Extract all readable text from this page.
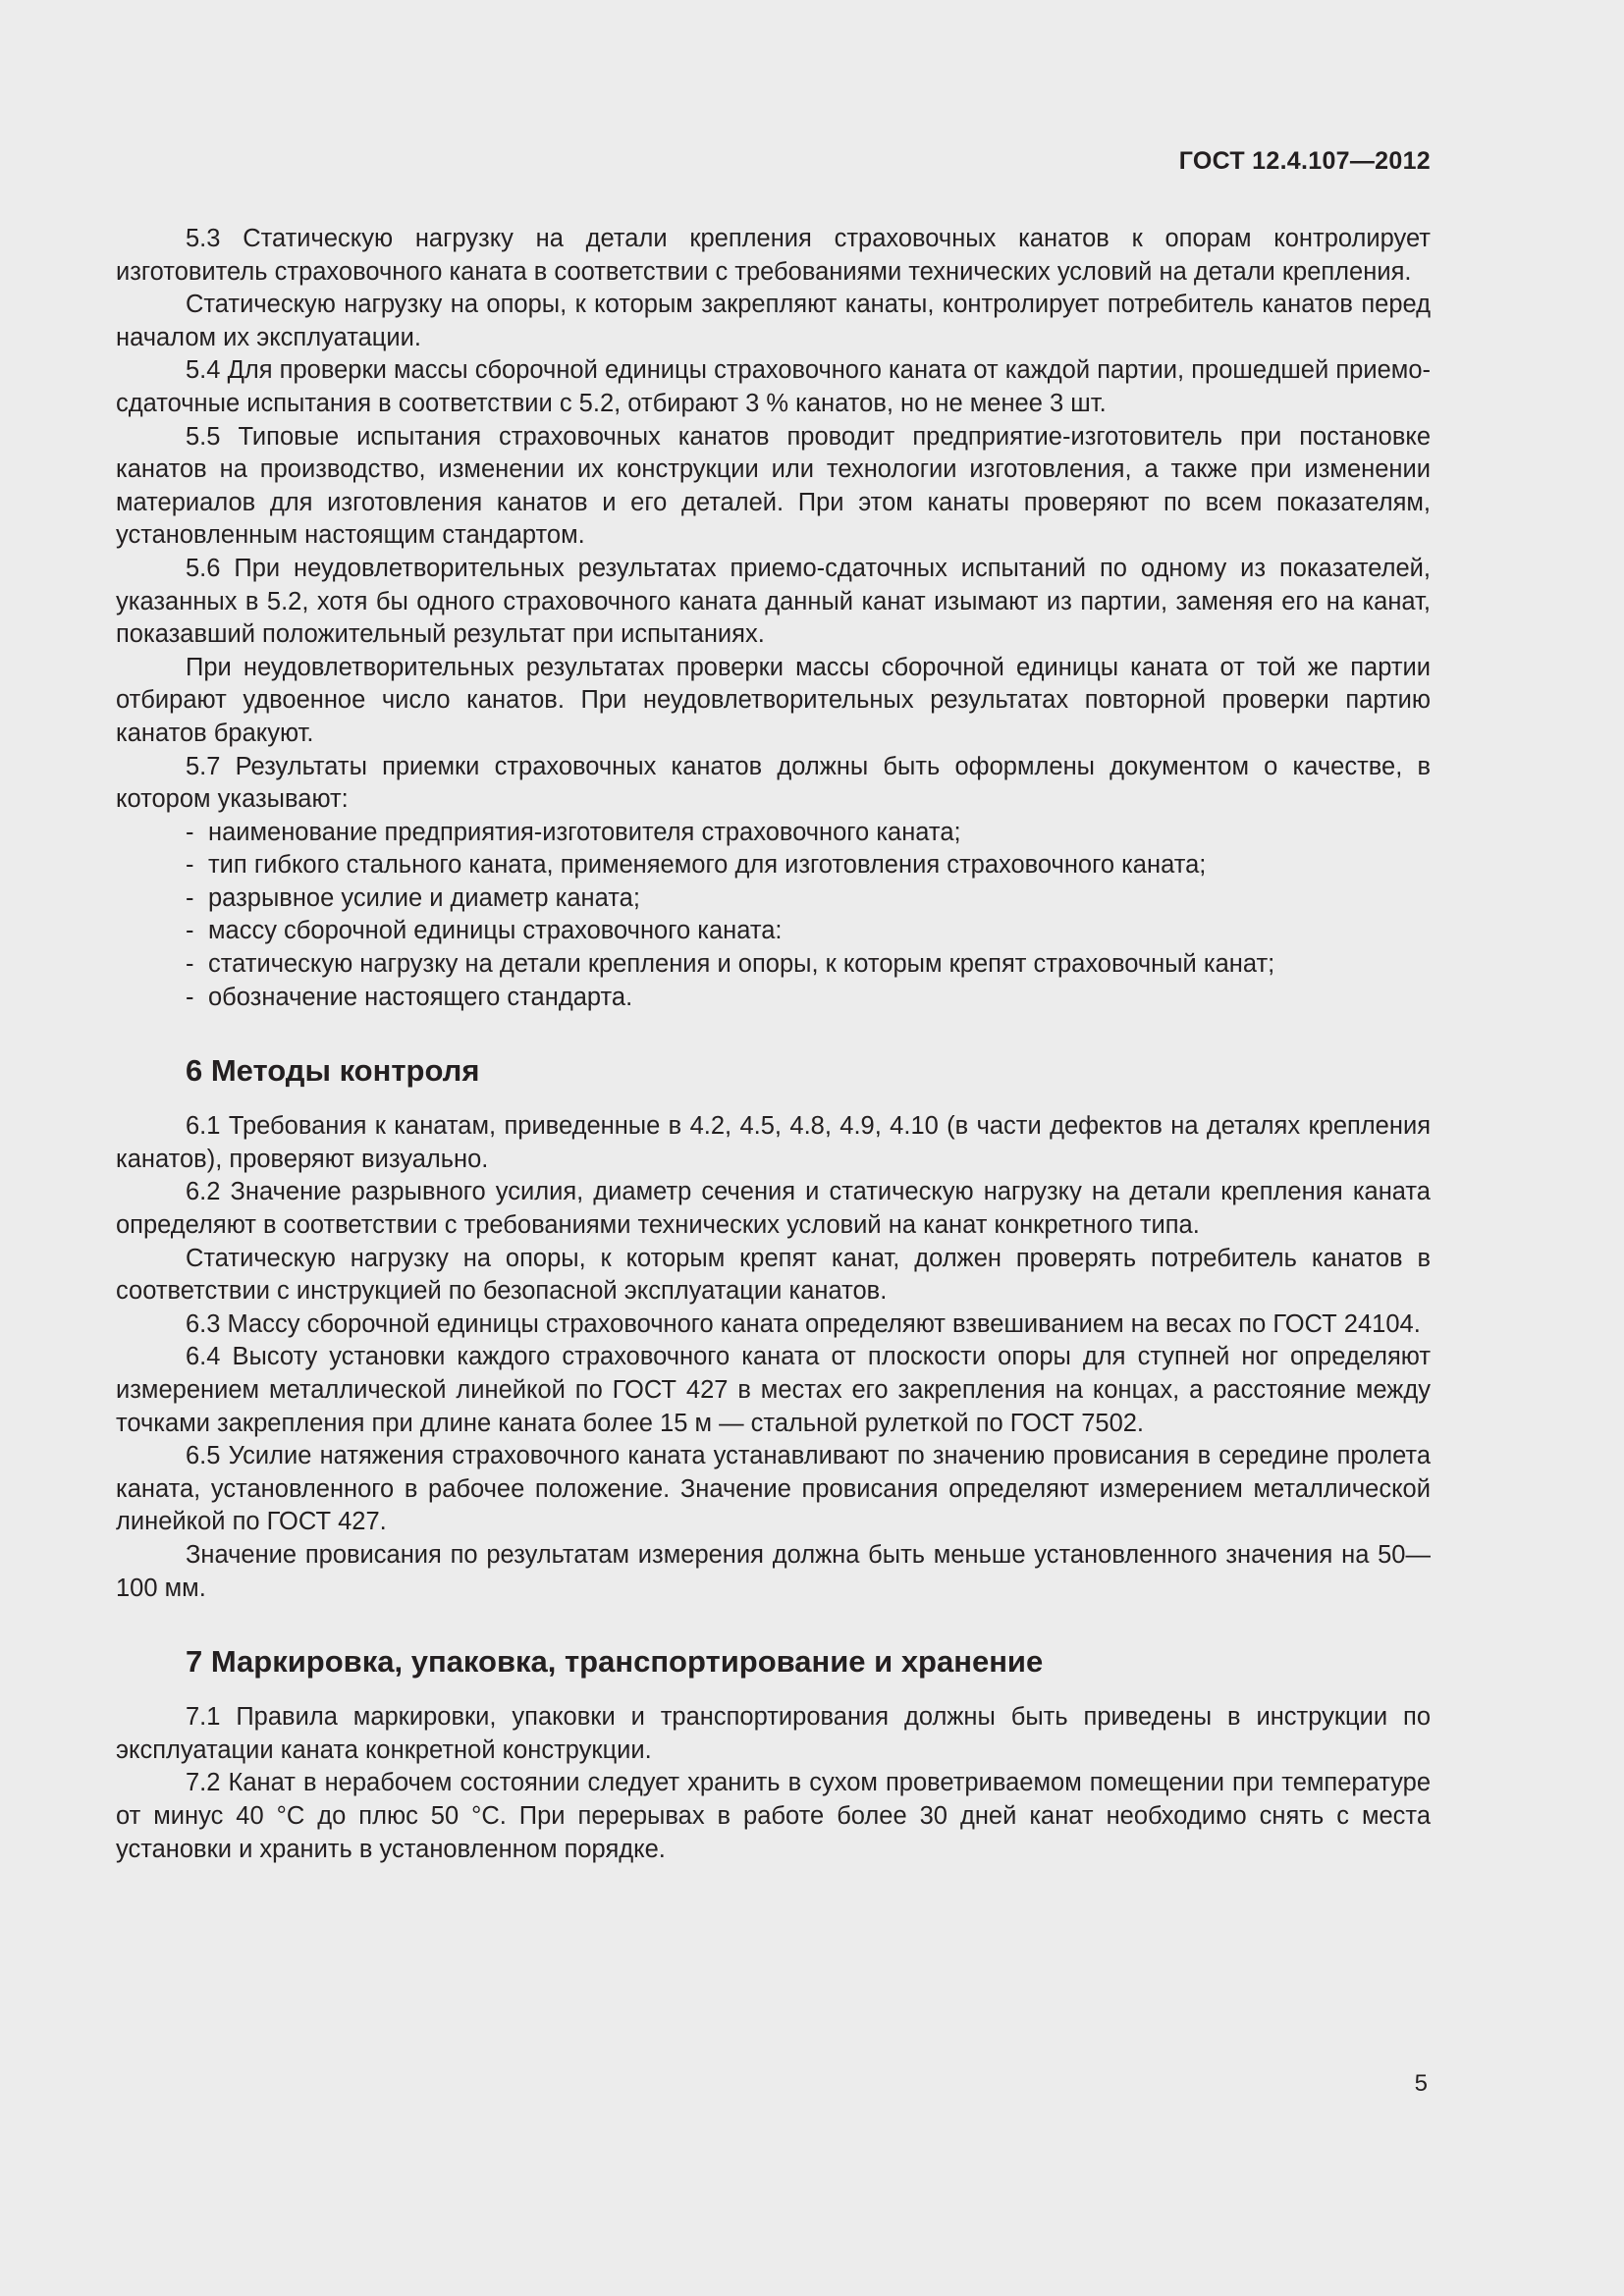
ГОСТ 12.4.107—2012

5.3 Статическую нагрузку на детали крепления страховочных канатов к опорам контролирует изготовитель страховочного каната в соответствии с требованиями технических условий на детали крепления.

Статическую нагрузку на опоры, к которым закрепляют канаты, контролирует потребитель канатов перед началом их эксплуатации.

5.4 Для проверки массы сборочной единицы страховочного каната от каждой партии, прошедшей приемо-сдаточные испытания в соответствии с 5.2, отбирают 3 % канатов, но не менее 3 шт.

5.5 Типовые испытания страховочных канатов проводит предприятие-изготовитель при постановке канатов на производство, изменении их конструкции или технологии изготовления, а также при изменении материалов для изготовления канатов и его деталей. При этом канаты проверяют по всем показателям, установленным настоящим стандартом.

5.6 При неудовлетворительных результатах приемо-сдаточных испытаний по одному из показателей, указанных в 5.2, хотя бы одного страховочного каната данный канат изымают из партии, заменяя его на канат, показавший положительный результат при испытаниях.

При неудовлетворительных результатах проверки массы сборочной единицы каната от той же партии отбирают удвоенное число канатов. При неудовлетворительных результатах повторной проверки партию канатов бракуют.

5.7 Результаты приемки страховочных канатов должны быть оформлены документом о качестве, в котором указывают:

- наименование предприятия-изготовителя страховочного каната;
- тип гибкого стального каната, применяемого для изготовления страховочного каната;
- разрывное усилие и диаметр каната;
- массу сборочной единицы страховочного каната:
- статическую нагрузку на детали крепления и опоры, к которым крепят страховочный канат;
- обозначение настоящего стандарта.
6 Методы контроля

6.1 Требования к канатам, приведенные в 4.2, 4.5, 4.8, 4.9, 4.10 (в части дефектов на деталях крепления канатов), проверяют визуально.

6.2 Значение разрывного усилия, диаметр сечения и статическую нагрузку на детали крепления каната определяют в соответствии с требованиями технических условий на канат конкретного типа.

Статическую нагрузку на опоры, к которым крепят канат, должен проверять потребитель канатов в соответствии с инструкцией по безопасной эксплуатации канатов.

6.3 Массу сборочной единицы страховочного каната определяют взвешиванием на весах по ГОСТ 24104.

6.4 Высоту установки каждого страховочного каната от плоскости опоры для ступней ног определяют измерением металлической линейкой по ГОСТ 427 в местах его закрепления на концах, а расстояние между точками закрепления при длине каната более 15 м — стальной рулеткой по ГОСТ 7502.

6.5 Усилие натяжения страховочного каната устанавливают по значению провисания в середине пролета каната, установленного в рабочее положение. Значение провисания определяют измерением металлической линейкой по ГОСТ 427.

Значение провисания по результатам измерения должна быть меньше установленного значения на 50—100 мм.

7 Маркировка, упаковка, транспортирование и хранение

7.1 Правила маркировки, упаковки и транспортирования должны быть приведены в инструкции по эксплуатации каната конкретной конструкции.

7.2 Канат в нерабочем состоянии следует хранить в сухом проветриваемом помещении при температуре от минус 40 °С до плюс 50 °С. При перерывах в работе более 30 дней канат необходимо снять с места установки и хранить в установленном порядке.

5
